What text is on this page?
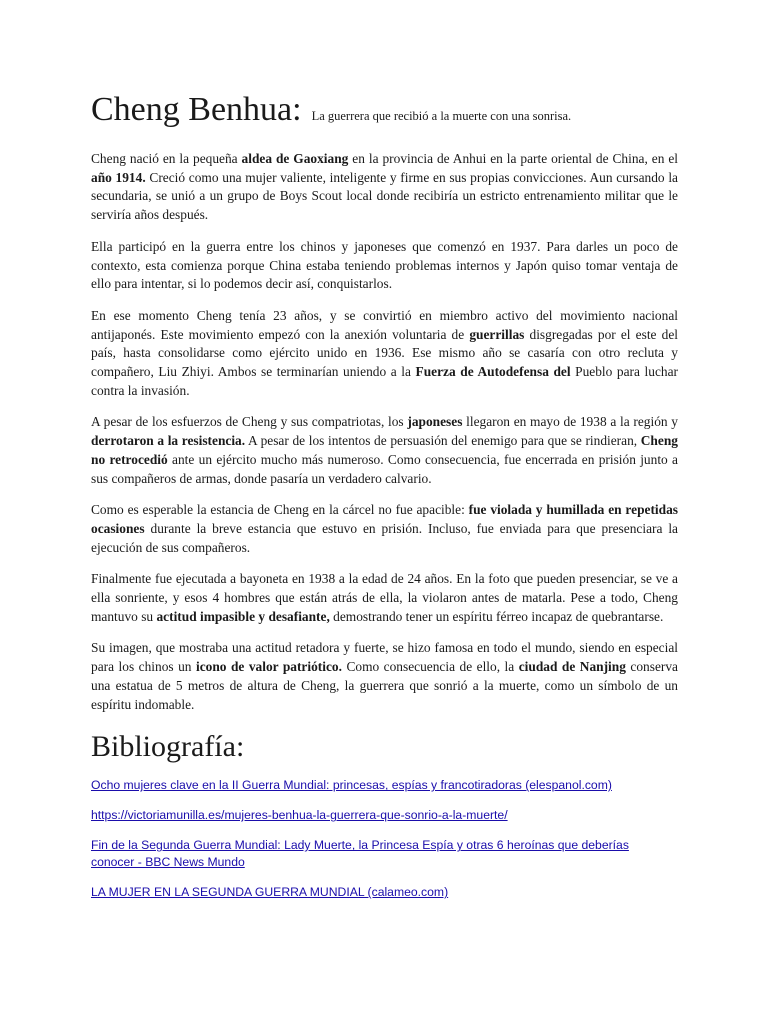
Cheng Benhua: La guerrera que recibió a la muerte con una sonrisa.

Cheng nació en la pequeña aldea de Gaoxiang en la provincia de Anhui en la parte oriental de China, en el año 1914. Creció como una mujer valiente, inteligente y firme en sus propias convicciones. Aun cursando la secundaria, se unió a un grupo de Boys Scout local donde recibiría un estricto entrenamiento militar que le serviría años después.

Ella participó en la guerra entre los chinos y japoneses que comenzó en 1937. Para darles un poco de contexto, esta comienza porque China estaba teniendo problemas internos y Japón quiso tomar ventaja de ello para intentar, si lo podemos decir así, conquistarlos.

En ese momento Cheng tenía 23 años, y se convirtió en miembro activo del movimiento nacional antijaponés. Este movimiento empezó con la anexión voluntaria de guerrillas disgregadas por el este del país, hasta consolidarse como ejército unido en 1936. Ese mismo año se casaría con otro recluta y compañero, Liu Zhiyi. Ambos se terminarían uniendo a la Fuerza de Autodefensa del Pueblo para luchar contra la invasión.

A pesar de los esfuerzos de Cheng y sus compatriotas, los japoneses llegaron en mayo de 1938 a la región y derrotaron a la resistencia. A pesar de los intentos de persuasión del enemigo para que se rindieran, Cheng no retrocedió ante un ejército mucho más numeroso. Como consecuencia, fue encerrada en prisión junto a sus compañeros de armas, donde pasaría un verdadero calvario.

Como es esperable la estancia de Cheng en la cárcel no fue apacible: fue violada y humillada en repetidas ocasiones durante la breve estancia que estuvo en prisión. Incluso, fue enviada para que presenciara la ejecución de sus compañeros.

Finalmente fue ejecutada a bayoneta en 1938 a la edad de 24 años. En la foto que pueden presenciar, se ve a ella sonriente, y esos 4 hombres que están atrás de ella, la violaron antes de matarla. Pese a todo, Cheng mantuvo su actitud impasible y desafiante, demostrando tener un espíritu férreo incapaz de quebrantarse.

Su imagen, que mostraba una actitud retadora y fuerte, se hizo famosa en todo el mundo, siendo en especial para los chinos un icono de valor patriótico. Como consecuencia de ello, la ciudad de Nanjing conserva una estatua de 5 metros de altura de Cheng, la guerrera que sonrió a la muerte, como un símbolo de un espíritu indomable.

Bibliografía:
Ocho mujeres clave en la II Guerra Mundial: princesas, espías y francotiradoras (elespanol.com)
https://victoriamunilla.es/mujeres-benhua-la-guerrera-que-sonrio-a-la-muerte/
Fin de la Segunda Guerra Mundial: Lady Muerte, la Princesa Espía y otras 6 heroínas que deberías conocer - BBC News Mundo
LA MUJER EN LA SEGUNDA GUERRA MUNDIAL (calameo.com)
